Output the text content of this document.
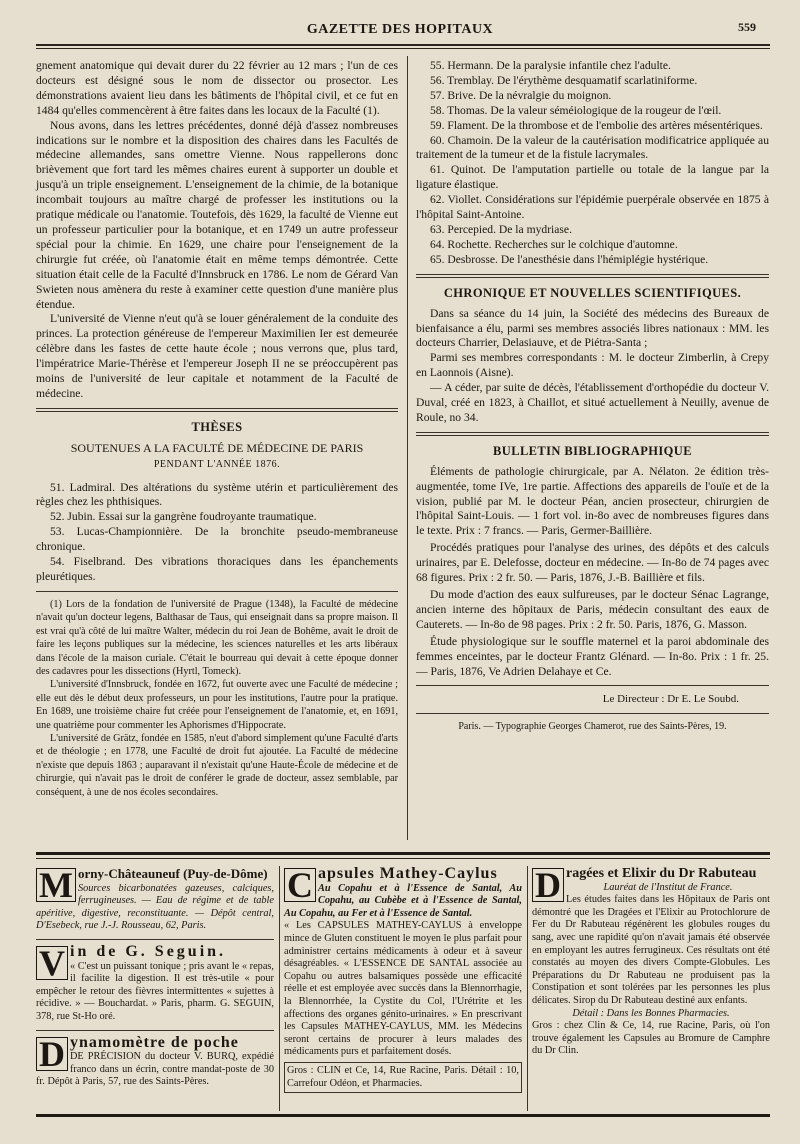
GAZETTE DES HOPITAUX	559

gnement anatomique qui devait durer du 22 février au 12 mars ; l'un de ces docteurs est désigné sous le nom de dissector ou prosector. Les démonstrations avaient lieu dans les bâtiments de l'hôpital civil, et ce fut en 1484 qu'elles commencèrent à être faites dans les locaux de la Faculté (1).

Nous avons, dans les lettres précédentes, donné déjà d'assez nombreuses indications sur le nombre et la disposition des chaires dans les Facultés de médecine allemandes, sans omettre Vienne. Nous rappellerons donc brièvement que fort tard les mêmes chaires eurent à supporter un double et jusqu'à un triple enseignement. L'enseignement de la chimie, de la botanique incombait toujours au maître chargé de professer les institutions ou la pratique médicale ou l'anatomie. Toutefois, dès 1629, la faculté de Vienne eut un professeur particulier pour la botanique, et en 1749 un autre professeur spécial pour la chimie. En 1629, une chaire pour l'enseignement de la chirurgie fut créée, où l'anatomie était en même temps démontrée. Cette situation était celle de la Faculté d'Innsbruck en 1786. Le nom de Gérard Van Swieten nous amènera du reste à examiner cette question d'une manière plus étendue.

L'université de Vienne n'eut qu'à se louer généralement de la conduite des princes. La protection généreuse de l'empereur Maximilien Ier est demeurée célèbre dans les fastes de cette haute école ; nous verrons que, plus tard, l'impératrice Marie-Thérèse et l'empereur Joseph II ne se préoccupèrent pas moins de l'université de leur capitale et notamment de la Faculté de médecine.

THÈSES
SOUTENUES A LA FACULTÉ DE MÉDECINE DE PARIS
PENDANT L'ANNÉE 1876.

51. Ladmiral. Des altérations du système utérin et particulièrement des règles chez les phthisiques.

52. Jubin. Essai sur la gangrène foudroyante traumatique.

53. Lucas-Championnière. De la bronchite pseudo-membraneuse chronique.

54. Fiselbrand. Des vibrations thoraciques dans les épanchements pleurétiques.

(1) Lors de la fondation de l'université de Prague (1348), la Faculté de médecine n'avait qu'un docteur legens, Balthasar de Taus, qui enseignait dans sa propre maison. Il est vrai qu'à côté de lui maître Walter, médecin du roi Jean de Bohême, avait le droit de faire les leçons publiques sur la médecine, les sciences naturelles et les arts libéraux dans l'école de la maison curiale. C'était le bourreau qui devait à cette époque donner des cadavres pour les dissections (Hyrtl, Tomeck).

L'université d'Innsbruck, fondée en 1672, fut ouverte avec une Faculté de médecine ; elle eut dès le début deux professeurs, un pour les institutions, l'autre pour la pratique. En 1689, une troisième chaire fut créée pour l'enseignement de l'anatomie, et, en 1691, une quatrième pour commenter les Aphorismes d'Hippocrate.

L'université de Grätz, fondée en 1585, n'eut d'abord simplement qu'une Faculté d'arts et de théologie ; en 1778, une Faculté de droit fut ajoutée. La Faculté de médecine n'existe que depuis 1863 ; auparavant il n'existait qu'une Haute-École de médecine et de chirurgie, qui n'avait pas le droit de conférer le grade de docteur, assez semblable, par conséquent, à une de nos écoles secondaires.

55. Hermann. De la paralysie infantile chez l'adulte.

56. Tremblay. De l'érythème desquamatif scarlatiniforme.

57. Brive. De la névralgie du moignon.

58. Thomas. De la valeur séméiologique de la rougeur de l'œil.

59. Flament. De la thrombose et de l'embolie des artères mésentériques.

60. Chamoin. De la valeur de la cautérisation modificatrice appliquée au traitement de la tumeur et de la fistule lacrymales.

61. Quinot. De l'amputation partielle ou totale de la langue par la ligature élastique.

62. Viollet. Considérations sur l'épidémie puerpérale observée en 1875 à l'hôpital Saint-Antoine.

63. Percepied. De la mydriase.

64. Rochette. Recherches sur le colchique d'automne.

65. Desbrosse. De l'anesthésie dans l'hémiplégie hystérique.

CHRONIQUE ET NOUVELLES SCIENTIFIQUES.

Dans sa séance du 14 juin, la Société des médecins des Bureaux de bienfaisance a élu, parmi ses membres associés libres nationaux : MM. les docteurs Charrier, Delasiauve, et de Piétra-Santa ;

Parmi ses membres correspondants : M. le docteur Zimberlin, à Crepy en Laonnois (Aisne).

— A céder, par suite de décès, l'établissement d'orthopédie du docteur V. Duval, créé en 1823, à Chaillot, et situé actuellement à Neuilly, avenue de Roule, no 34.

BULLETIN BIBLIOGRAPHIQUE

Éléments de pathologie chirurgicale, par A. Nélaton. 2e édition très-augmentée, tome IVe, 1re partie. Affections des appareils de l'ouïe et de la vision, publié par M. le docteur Péan, ancien prosecteur, chirurgien de l'hôpital Saint-Louis. — 1 fort vol. in-8o avec de nombreuses figures dans le texte. Prix : 7 francs. — Paris, Germer-Baillière.

Procédés pratiques pour l'analyse des urines, des dépôts et des calculs urinaires, par E. Delefosse, docteur en médecine. — In-8o de 74 pages avec 68 figures. Prix : 2 fr. 50. — Paris, 1876, J.-B. Baillière et fils.

Du mode d'action des eaux sulfureuses, par le docteur Sénac Lagrange, ancien interne des hôpitaux de Paris, médecin consultant des eaux de Cauterets. — In-8o de 98 pages. Prix : 2 fr. 50. Paris, 1876, G. Masson.

Étude physiologique sur le souffle maternel et la paroi abdominale des femmes enceintes, par le docteur Frantz Glénard. — In-8o. Prix : 1 fr. 25. — Paris, 1876, Ve Adrien Delahaye et Ce.

Le Directeur : Dr E. Le Soubd.
Paris. — Typographie Georges Chamerot, rue des Saints-Pères, 19.
M orny-Châteauneuf (Puy-de-Dôme)

Sources bicarbonatées gazeuses, calciques, ferrugineuses. — Eau de régime et de table apéritive, digestive, reconstituante. — Dépôt central, D'Esebeck, rue J.-J. Rousseau, 62, Paris.

V in de G. Seguin.

« C'est un puissant tonique ; pris avant le « repas, il facilite la digestion. Il est très-utile « pour empêcher le retour des fièvres intermittentes « sujettes à récidive. » — Bouchardat. » Paris, pharm. G. SEGUIN, 378, rue St-Ho oré.

D ynamomètre de poche

DE PRÉCISION du docteur V. BURQ, expédié franco dans un écrin, contre mandat-poste de 30 fr. Dépôt à Paris, 57, rue des Saints-Pères.

C apsules Mathey-Caylus

Au Copahu et à l'Essence de Santal, Au Copahu, au Cubèbe et à l'Essence de Santal, Au Copahu, au Fer et à l'Essence de Santal.

« Les CAPSULES MATHEY-CAYLUS à enveloppe mince de Gluten constituent le moyen le plus parfait pour administrer certains médicaments à odeur et à saveur désagréables. « L'ESSENCE DE SANTAL associée au Copahu ou autres balsamiques possède une efficacité réelle et est employée avec succès dans la Blennorrhagie, la Blennorrhée, la Cystite du Col, l'Urétrite et les affections des organes génito-urinaires. » En prescrivant les Capsules MATHEY-CAYLUS, MM. les Médecins seront certains de procurer à leurs malades des médicaments purs et parfaitement dosés.

Gros : CLIN et Ce, 14, Rue Racine, Paris. Détail : 10, Carrefour Odéon, et Pharmacies.

D ragées et Elixir du Dr Rabuteau

Lauréat de l'Institut de France.

Les études faites dans les Hôpitaux de Paris ont démontré que les Dragées et l'Elixir au Protochlorure de Fer du Dr Rabuteau régénèrent les globules rouges du sang, avec une rapidité qu'on n'avait jamais été observée en employant les autres ferrugineux. Ces résultats ont été constatés au moyen des divers Compte-Globules. Les Préparations du Dr Rabuteau ne produisent pas la Constipation et sont tolérées par les personnes les plus délicates. Sirop du Dr Rabuteau destiné aux enfants.

Détail : Dans les Bonnes Pharmacies.

Gros : chez Clin & Ce, 14, rue Racine, Paris, où l'on trouve également les Capsules au Bromure de Camphre du Dr Clin.
